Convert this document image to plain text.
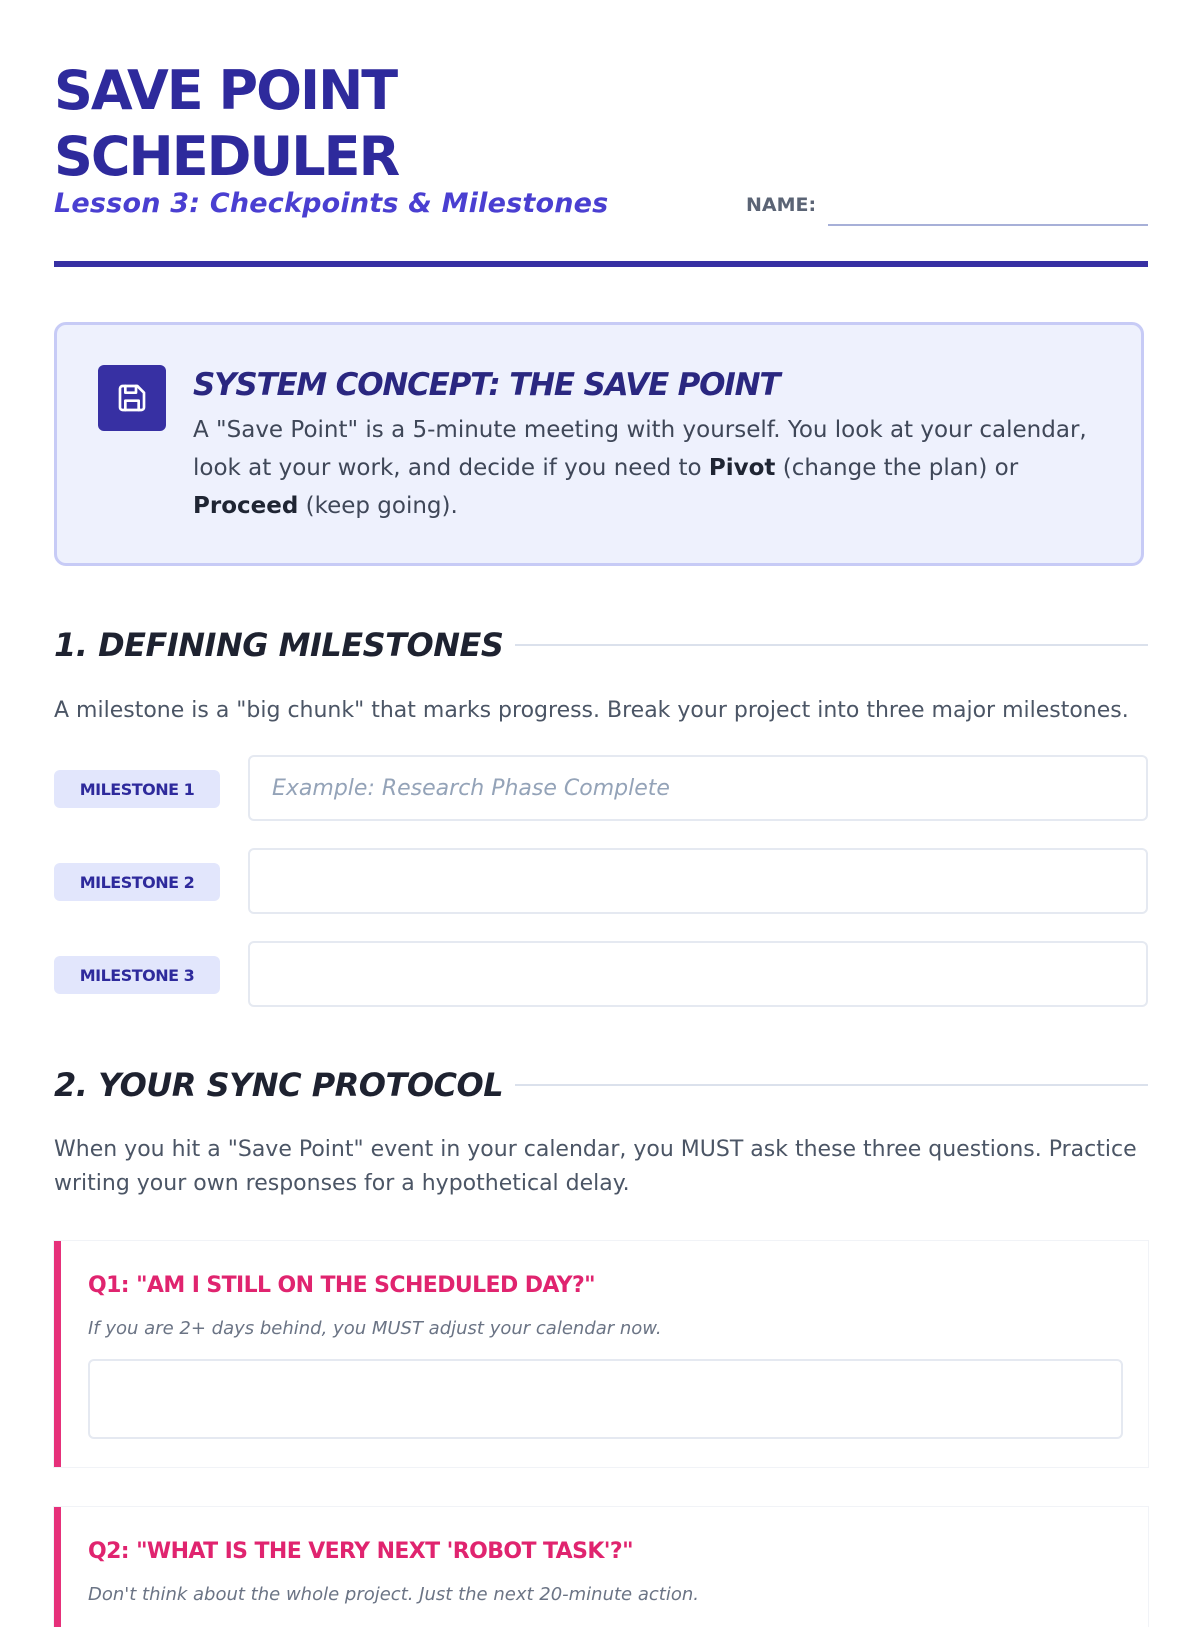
SAVE POINT
SCHEDULER

Lesson 3: Checkpoints & Milestones	NAME:
SYSTEM CONCEPT: THE SAVE POINT
A "Save Point" is a 5-minute meeting with yourself. You look at your calendar, look at your work, and decide if you need to Pivot (change the plan) or Proceed (keep going).
1. DEFINING MILESTONES

A milestone is a "big chunk" that marks progress. Break your project into three major milestones.

MILESTONE 1
Example: Research Phase Complete
MILESTONE 2
MILESTONE 3
2. YOUR SYNC PROTOCOL

When you hit a "Save Point" event in your calendar, you MUST ask these three questions. Practice writing your own responses for a hypothetical delay.

Q1: "AM I STILL ON THE SCHEDULED DAY?"

If you are 2+ days behind, you MUST adjust your calendar now.

Q2: "WHAT IS THE VERY NEXT 'ROBOT TASK'?"

Don't think about the whole project. Just the next 20-minute action.
